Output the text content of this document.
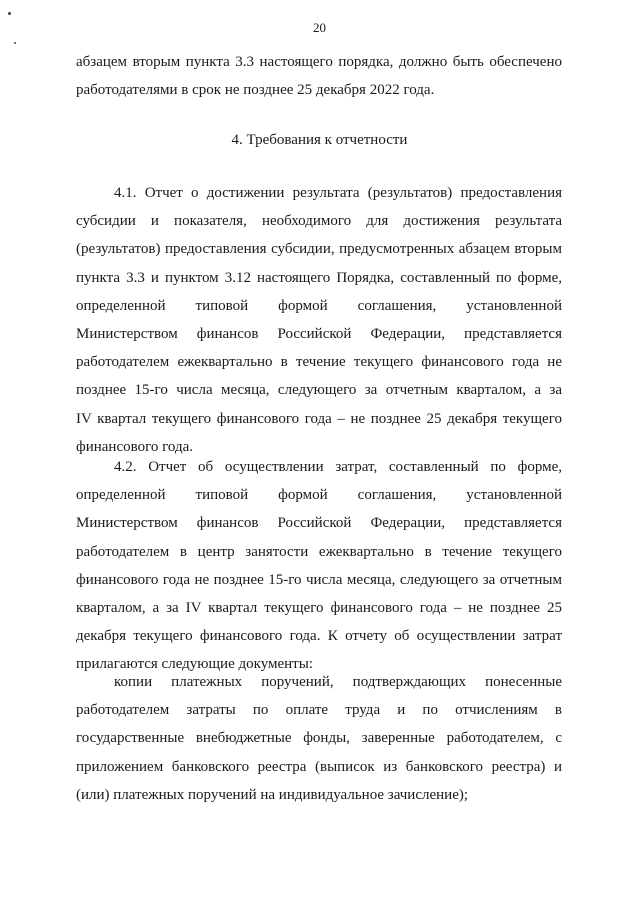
20
абзацем вторым пункта 3.3 настоящего порядка, должно быть обеспечено
работодателями в срок не позднее 25 декабря 2022 года.
4. Требования к отчетности
4.1. Отчет о достижении результата (результатов) предоставления
субсидии и показателя, необходимого для достижения результата
(результатов) предоставления субсидии, предусмотренных абзацем вторым
пункта 3.3 и пунктом 3.12 настоящего Порядка, составленный по форме,
определенной типовой формой соглашения, установленной
Министерством финансов Российской Федерации, представляется
работодателем ежеквартально в течение текущего финансового года не
позднее 15-го числа месяца, следующего за отчетным кварталом, а за
IV квартал текущего финансового года – не позднее 25 декабря текущего
финансового года.
4.2. Отчет об осуществлении затрат, составленный по форме,
определенной типовой формой соглашения, установленной
Министерством финансов Российской Федерации, представляется
работодателем в центр занятости ежеквартально в течение текущего
финансового года не позднее 15-го числа месяца, следующего за отчетным
кварталом, а за IV квартал текущего финансового года – не позднее 25
декабря текущего финансового года. К отчету об осуществлении затрат
прилагаются следующие документы:
копии платежных поручений, подтверждающих понесенные
работодателем затраты по оплате труда и по отчислениям в
государственные внебюджетные фонды, заверенные работодателем, с
приложением банковского реестра (выписок из банковского реестра) и
(или) платежных поручений на индивидуальное зачисление);
